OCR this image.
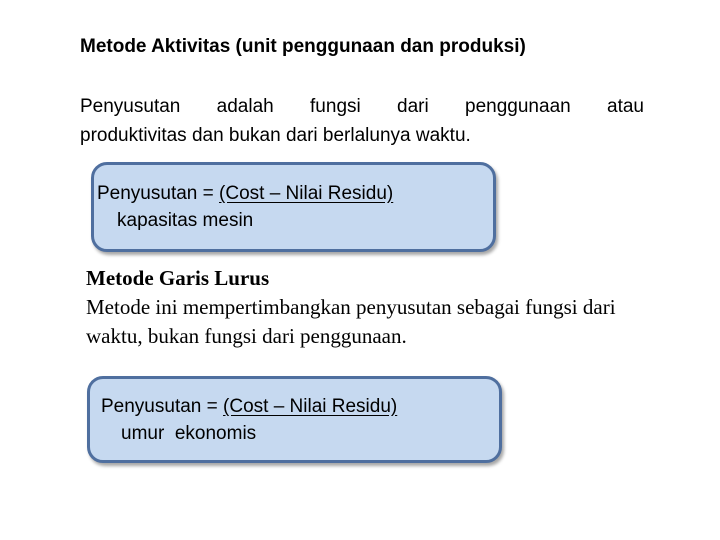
Metode Aktivitas (unit penggunaan dan produksi)
Penyusutan adalah fungsi dari penggunaan atau
produktivitas dan bukan dari berlalunya waktu.
Penyusutan = (Cost – Nilai Residu)
kapasitas mesin
Metode Garis Lurus
Metode ini mempertimbangkan penyusutan sebagai fungsi dari waktu, bukan fungsi dari penggunaan.
Penyusutan = (Cost – Nilai Residu)
umur  ekonomis
